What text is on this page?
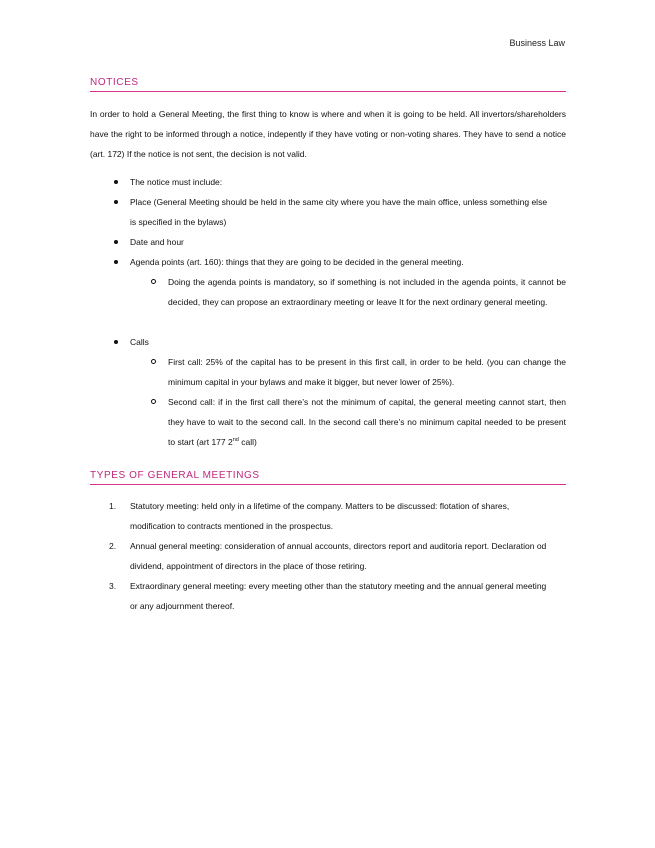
Business Law
NOTICES

In order to hold a General Meeting, the first thing to know is where and when it is going to be held. All invertors/shareholders have the right to be informed through a notice, indepently if they have voting or non-voting shares. They have to send a notice (art. 172) If the notice is not sent, the decision is not valid.

The notice must include:
Place (General Meeting should be held in the same city where you have the main office, unless something else is specified in the bylaws)
Date and hour
Agenda points (art. 160): things that they are going to be decided in the general meeting.
Doing the agenda points is mandatory, so if something is not included in the agenda points, it cannot be decided, they can propose an extraordinary meeting or leave It for the next ordinary general meeting.
Calls
First call: 25% of the capital has to be present in this first call, in order to be held. (you can change the minimum capital in your bylaws and make it bigger, but never lower of 25%).
Second call: if in the first call there’s not the minimum of capital, the general meeting cannot start, then they have to wait to the second call. In the second call there’s no minimum capital needed to be present to start (art 177 2nd call)
TYPES OF GENERAL MEETINGS
1. Statutory meeting: held only in a lifetime of the company. Matters to be discussed: flotation of shares, modification to contracts mentioned in the prospectus.
2. Annual general meeting: consideration of annual accounts, directors report and auditoria report. Declaration od dividend, appointment of directors in the place of those retiring.
3. Extraordinary general meeting: every meeting other than the statutory meeting and the annual general meeting or any adjournment thereof.
